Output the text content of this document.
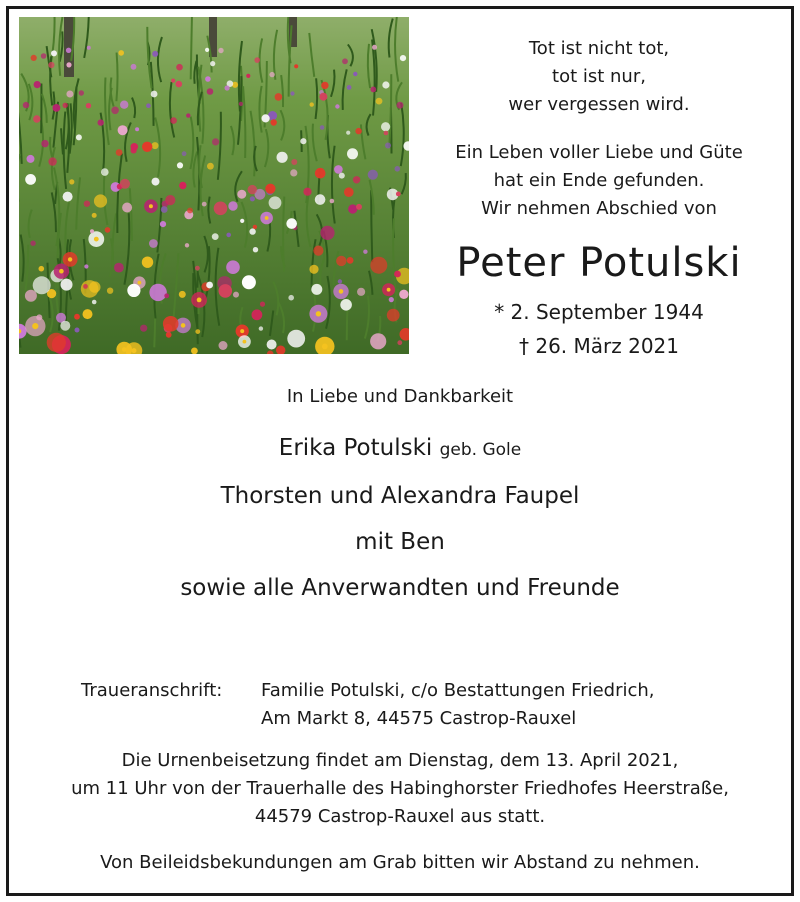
Tot ist nicht tot,

tot ist nur,

wer vergessen wird.

Ein Leben voller Liebe und Güte

hat ein Ende gefunden.

Wir nehmen Abschied von

Peter Potulski

* 2. September 1944

† 26. März 2021

In Liebe und Dankbarkeit

Erika Potulski geb. Gole

Thorsten und Alexandra Faupel

mit Ben

sowie alle Anverwandten und Freunde

Traueranschrift: Familie Potulski, c/o Bestattungen Friedrich,

Am Markt 8, 44575 Castrop-Rauxel

Die Urnenbeisetzung findet am Dienstag, dem 13. April 2021,

um 11 Uhr von der Trauerhalle des Habinghorster Friedhofes Heerstraße,

44579 Castrop-Rauxel aus statt.

Von Beileidsbekundungen am Grab bitten wir Abstand zu nehmen.
